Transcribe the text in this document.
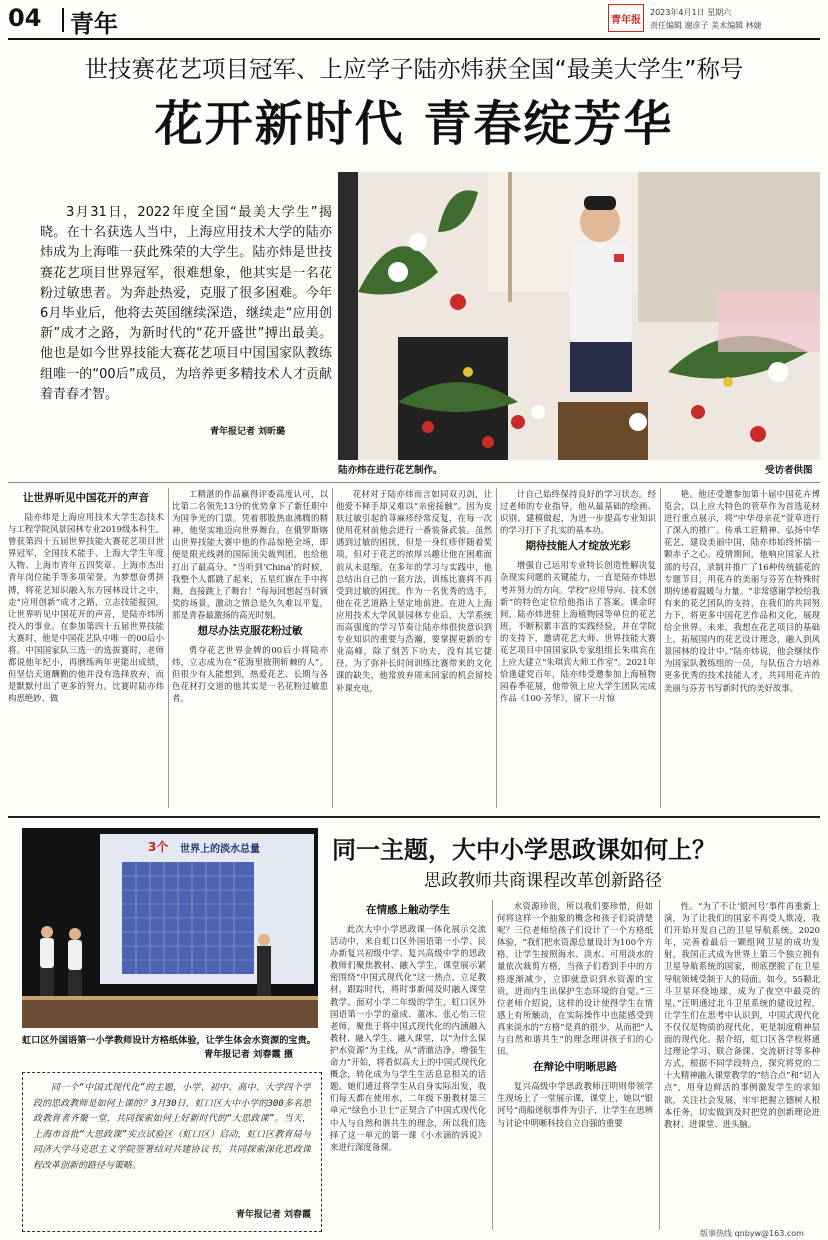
04 青年	青年报
2023年4月1日 星期六
责任编辑 谢彦子 美术编辑 林婕
世技赛花艺项目冠军、上应学子陆亦炜获全国“最美大学生”称号
花开新时代 青春绽芳华
3月31日，2022年度全国“最美大学生”揭晓。在十名获选人当中，上海应用技术大学的陆亦炜成为上海唯一获此殊荣的大学生。陆亦炜是世技赛花艺项目世界冠军，很难想象，他其实是一名花粉过敏患者。为奔赴热爱，克服了很多困难。今年6月毕业后，他将去英国继续深造，继续走“应用创新”成才之路，为新时代的“花开盛世”搏出最美。他也是如今世界技能大赛花艺项目中国国家队教练组唯一的“00后”成员，为培养更多精技术人才贡献着青春才智。
青年报记者 刘昕璐
陆亦炜在进行花艺制作。	受访者供图
让世界听见中国花开的声音

陆亦炜是上海应用技术大学生态技术与工程学院风景园林专业2019级本科生，曾获第四十五届世界技能大赛花艺项目世界冠军，全国技术能手、上海大学生年度人物、上海市青年五四奖章、上海市杰出青年岗位能手等多项荣誉。为梦想奋勇拼搏，将花艺知识融入东方园林设计之中，走“应用创新”成才之路，立志技能报国，让世界听见中国花开的声音，是陆亦炜所投入的事业。在参加第四十五届世界技能大赛时，他是中国花艺队中唯一的00后小将。中国国家队三选一的选拔赛时，老师都说他年纪小，再磨练两年更能出成绩，但坚信天道酬勤的他并没有选择放弃，而是默默付出了更多的努力。比赛时陆亦炜构思绝妙、做

工精湛的作品赢得评委高度认可，以比第二名领先13分的优势拿下了新任职中为国争光的门票。凭着那股热血沸腾的精神，他坚实地迈向世界舞台。在俄罗斯喀山世界技能大赛中他的作品惊艳全场，即便是限光线剥的国际顶尖裁判团，也给他打出了最高分。“当听到‘China’的时候，我整个人都跳了起来，五星红旗在手中挥舞，直接跳上了舞台！”每每回想起当时颁奖的场景，激动之情总是久久难以平复，那是青春最激扬的高光时刻。

想尽办法克服花粉过敏

勇夺花艺世界金牌的00后小将陆亦炜，立志成为在“花海里披荆斩棘的人”。但很少有人能想到，热爱花艺、长期与各色花材打交道的他其实是一名花粉过敏患者。

花材对于陆亦炜而言如同双刃剑，让他爱不释手却又难以“亲密接触”。因为皮肤过敏引起的荨麻疹经常反复，在每一次使用花材前他会进行一番装备武装。虽然遇到过敏的困扰，但是一身红疹伴随着奖项，但对于花艺的浓厚兴趣让他在困难面前从未退缩。在多年的学习与实践中，他总结出自己的一套方法，训练比赛将不再受到过敏的困扰。作为一名优秀的选手，他在花艺道路上坚定地前进。在进入上海应用技术大学风景园林专业后，大学系统而高强度的学习节奏让陆亦炜很快意识到专业知识的重要与浩瀚，要掌握更新的专业高峰，除了刻苦下功夫，没有其它捷径。为了弥补长时间训练比赛带来的文化课的缺失，他常放弃周末回家的机会留校补课充电，

计自己始终保持良好的学习状态。经过老师的专业指导，他从最基础的绘画、识别、建模做起，为进一步提高专业知识的学习打下了扎实的基本功。

期待技能人才绽放光彩

增强自己运用专业特长创造性解决复杂现实问题的关键能力，一直是陆亦炜思考并努力的方向。学校“应用导向、技术创新”的特色定位给他指出了答案。课余时间，陆亦炜进驻上海植物园等单位的花艺班，不断积累丰富的实践经验，并在学院的支持下，邀请花艺大师、世界技能大赛花艺项目中国国家队专家组组长朱琪宾在上应大建立“朱琪宾大师工作室”。2021年恰逢建党百年，陆亦炜受邀参加上海植物园春季花展，他带领上应大学生团队完成作品《100·芳华》，留下一片惊

艳。他还受邀参加第十届中国花卉博览会，以上应大特色的菅草作为首选花材进行重点展示，将“中华母亲花”萱草进行了深入的推广。传承工匠精神、弘扬中华花艺，建设美丽中国，陆亦炜始终怀揣一颗赤子之心。疫情期间，他响应国家人社部的号召，录制并推广了16种传统插花的专题节目，用花卉的美丽与芬芳在特殊时期传递着温暖与力量。“非常感谢学校给我有来的花艺团队的支持，在我们的共同努力下，将更多中国花艺作品和文化，展现给全世界。未来，我想在花艺项目的基础上，拓展国内的花艺设计理念，融入到风景园林的设计中。”陆亦炜说，他会继续作为国家队教练组的一员，与队伍合力培养更多优秀的技术技能人才，共同用花卉的美丽与芬芳书写新时代的美好故事。

3个 世界上的淡水总量
虹口区外国语第一小学教师设计方格纸体验，让学生体会水资源的宝贵。
青年报记者 刘春霞 摄
同一个“中国式现代化”的主题，小学、初中、高中、大学四个学段的思政教师是如何上课的？3月30日，虹口区大中小学的300多名思政教育者齐聚一堂，共同探索如何上好新时代的“大思政课”。当天，上海市首批“大思政课”实点试验区（虹口区）启动，虹口区教育局与同济大学马克思主义学院签署结对共建协议书，共同探索深化思政课程改革创新的路径与策略。
青年报记者 刘春霞
同一主题，大中小学思政课如何上？
思政教师共商课程改革创新路径
在情感上触动学生

此次大中小学思政课一体化展示交流活动中，来自虹口区外国语第一小学、民办新复兴初级中学、复兴高级中学的思政教师们聚焦教材、融入学生，课堂展示紧密围绕“中国式现代化”这一热点，立足教材，跟踪时代，将时事新闻及时融入课堂教学。面对小学二年级的学生，虹口区外国语第一小学的童成、董冰、张心怡三位老师，聚焦于将中国式现代化的内涵融入教材、融入学生、融入课堂，以“为什么保护水资源”为主线，从“清澈洁净，增强生命力”开始，将看似高大上的中国式现代化概念，转化成为与学生生活息息相关的话题。她们通过将学生从自身实际出发，我们每天都在使用水，二年级下册教材第三单元“绿色小卫士”正契合了中国式现代化中人与自然和谐共生的理念，所以我们选择了这一单元的第一课《小水滴的诉说》来进行深度备课。

水资源珍贵，所以我们要珍惜，但如何将这样一个抽象的概念和孩子们说清楚呢？三位老师给孩子们设计了一个方格纸体验，“我们把水资源总量设计为100个方格，让学生按照海水、淡水、可用淡水的量依次裁剪方格，当孩子们看到手中的方格逐渐减少，立即就意识到水资源的宝贵，进而内生出保护生态环境的自觉。”三位老师介绍说，这样的设计使得学生在情感上有所触动，在实际操作中也能感受到真来淡水的“方格”是真的很少，从而把“人与自然和谐共生”的理念理讲孩子们的心田。

在辩论中明晰思路

复兴高级中学思政教师汪明则带领学生现场上了一堂展示课，课堂上，她以“银河号”商船迷航事件为引子，让学生在思辨与讨论中明晰科技自立自强的重要

性。“为了不让‘银河号’事件再重新上演，为了让我们的国家不再受人欺凌，我们开始开发自己的卫星导航系统。2020年，完善着最后一颗组网卫星的成功发射，我国正式成为世界上第三个独立拥有卫星导航系统的国家，彻底摆脱了在卫星导航领域受制于人的局面。如今，55颗北斗卫星环绕地球，成为了夜空中最亮的星。”汪明通过北斗卫星系统的建设过程，让学生们在思考中认识到，中国式现代化不仅仅是物质的现代化，更是制度精神层面的现代化。据介绍，虹口区各学校将通过理论学习、联合备课、交流研讨等多种方式，根据不同学段特点，探究将党的二十大精神融入课堂教学的“结合点”和“切入点”，用身边鲜活的事例激发学生的求知欲，关注社会发展，牢牢把握立德树人根本任务，切实做到及时把党的创新理论进教材、进课堂、进头脑。

版事热线 qnbyw@163.com
